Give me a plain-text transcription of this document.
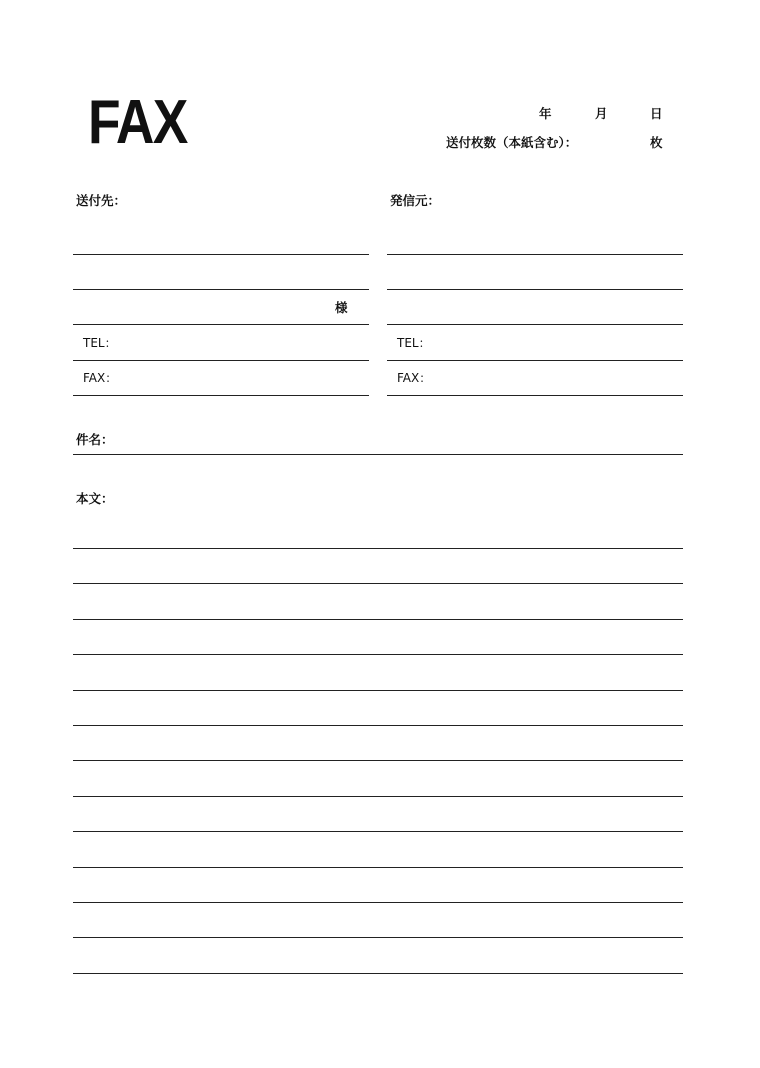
FAX	年	月	日
送付枚数（本紙含む）：	枚
送付先：
様
TEL：
FAX：
発信元：
TEL：
FAX：
件名：
本文：
